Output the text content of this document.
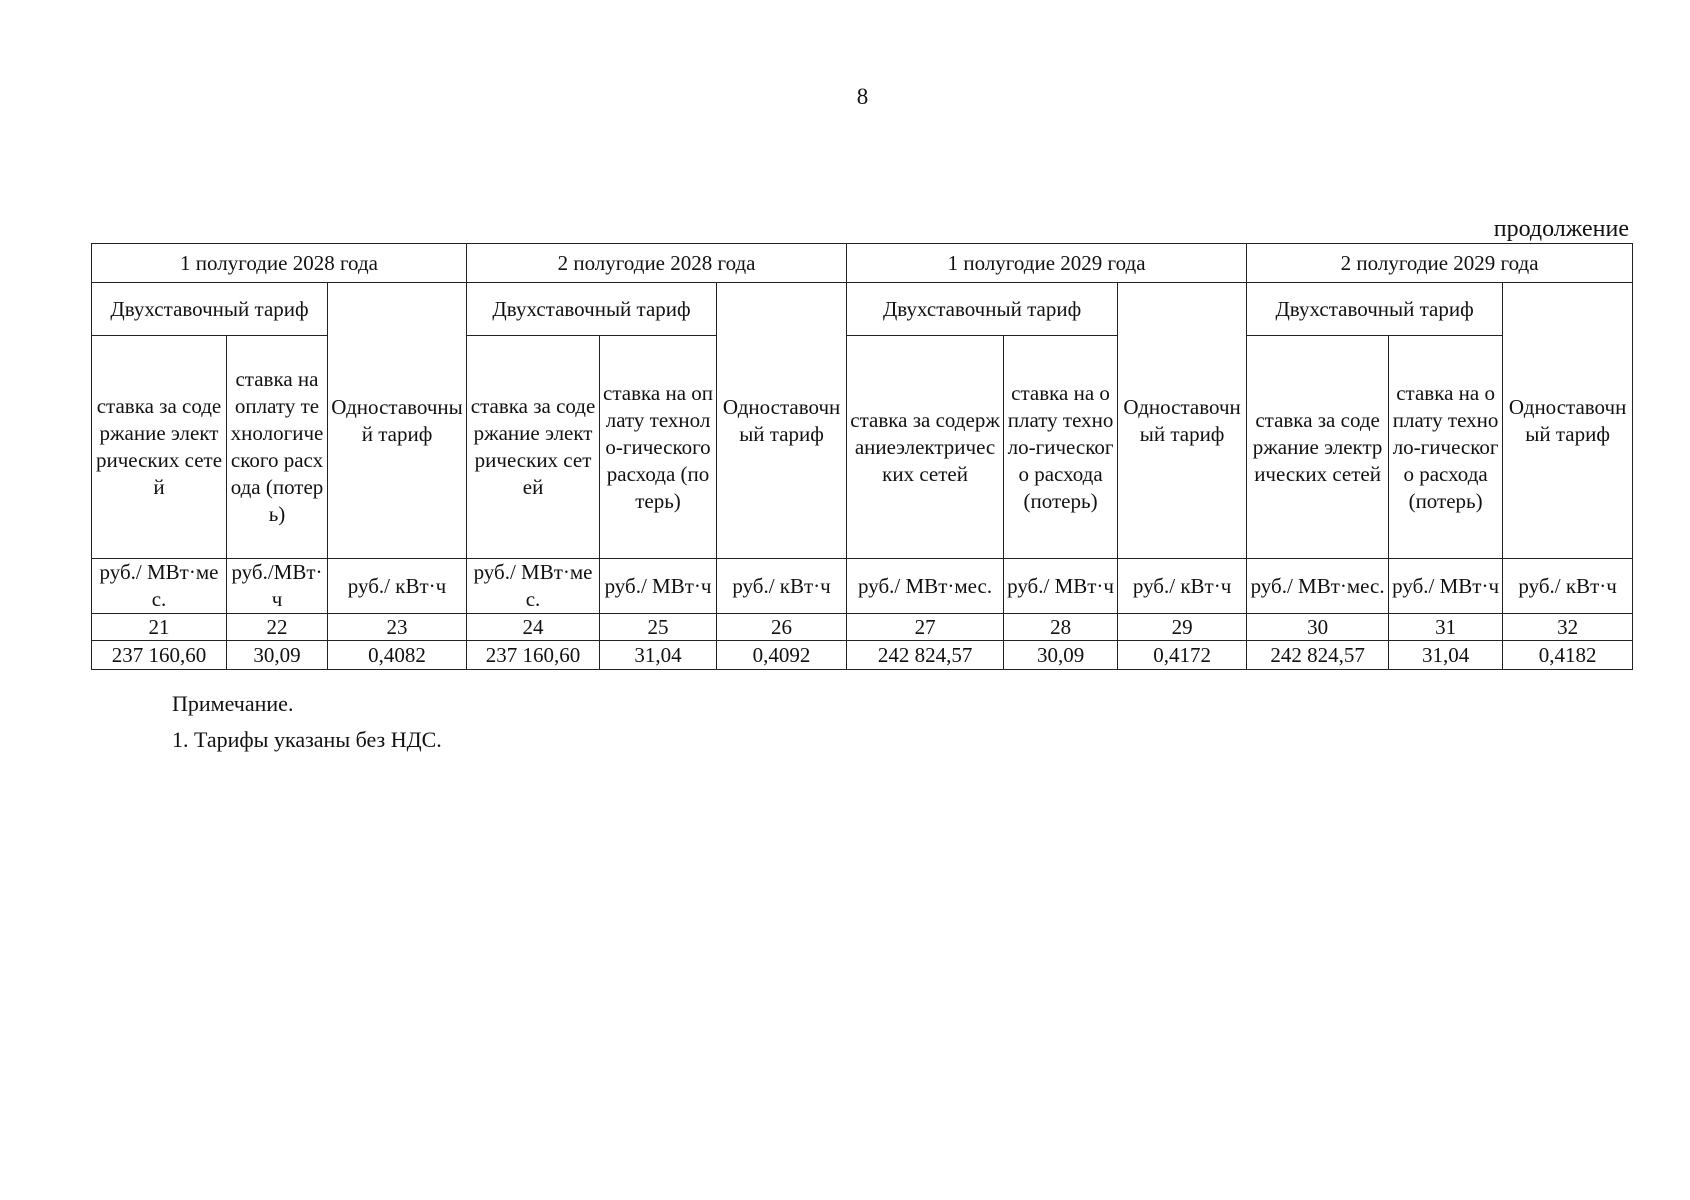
8
продолжение
1 полугодие 2028 года			2 полугодие 2028 года			1 полугодие 2029 года			2 полугодие 2029 года		
Двухставочный тариф		Одноставочный тариф	Двухставочный тариф		Одноставочный тариф	Двухставочный тариф		Одноставочный тариф	Двухставочный тариф		Одноставочный тариф
ставка за содержание электрических сетей	ставка на оплату технологического расхода (потерь)		ставка за содержание электрических сетей	ставка на оплату техноло-гического расхода (потерь)		ставка за содержаниеэлектрических сетей	ставка на оплату техноло-гического расхода (потерь)		ставка за содержание электрических сетей	ставка на оплату техноло-гического расхода (потерь)	
руб./ МВт·мес.	руб./МВт·ч	руб./ кВт·ч	руб./ МВт·мес.	руб./ МВт·ч	руб./ кВт·ч	руб./ МВт·мес.	руб./ МВт·ч	руб./ кВт·ч	руб./ МВт·мес.	руб./ МВт·ч	руб./ кВт·ч
21	22	23	24	25	26	27	28	29	30	31	32
237 160,60	30,09	0,4082	237 160,60	31,04	0,4092	242 824,57	30,09	0,4172	242 824,57	31,04	0,4182
Примечание.
1. Тарифы указаны без НДС.
